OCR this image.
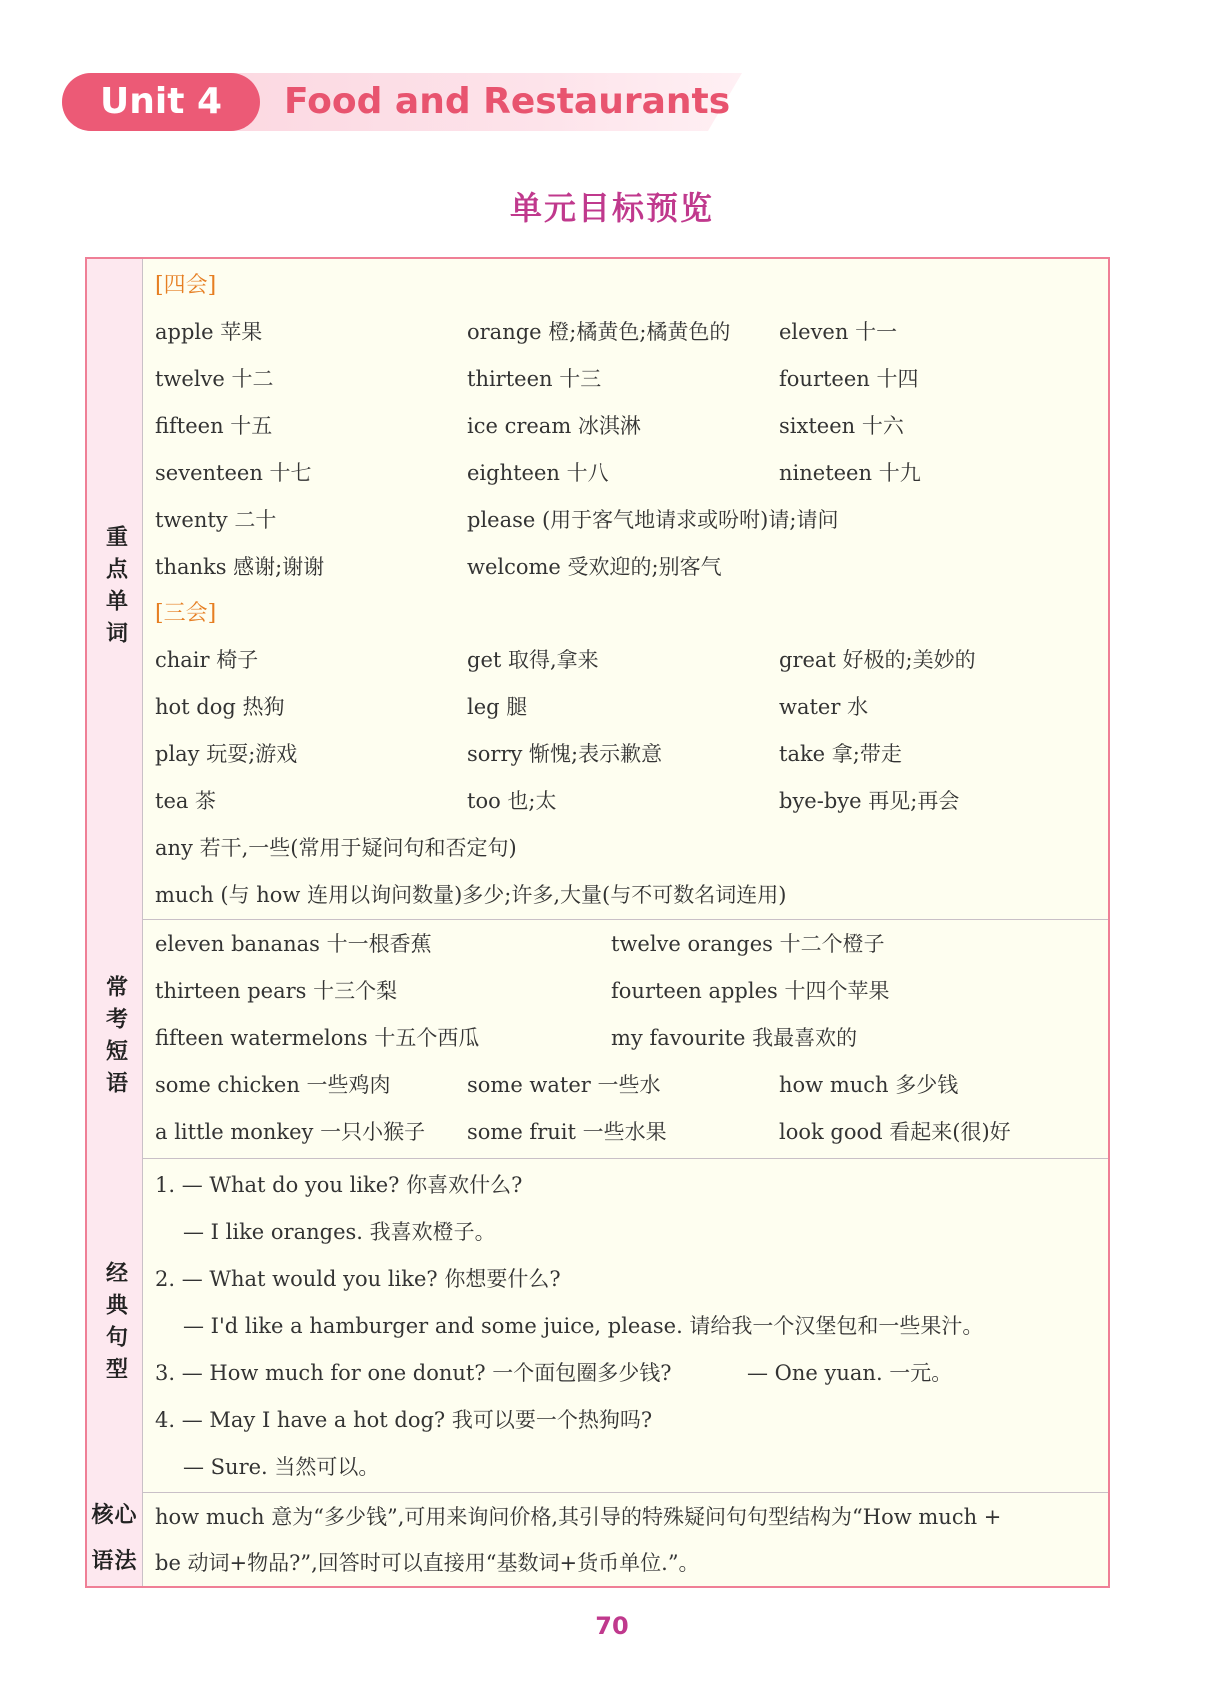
Unit 4	Food and Restaurants
单元目标预览
重点单词
[四会]
apple 苹果	orange 橙;橘黄色;橘黄色的 eleven 十一
twelve 十二	thirteen 十三	fourteen 十四
fifteen 十五	ice cream 冰淇淋	sixteen 十六
seventeen 十七	eighteen 十八	nineteen 十九
twenty 二十	please (用于客气地请求或吩咐)请;请问
thanks 感谢;谢谢	welcome 受欢迎的;别客气
[三会]
chair 椅子	get 取得,拿来	great 好极的;美妙的
hot dog 热狗	leg 腿	water 水
play 玩耍;游戏	sorry 惭愧;表示歉意	take 拿;带走
tea 茶	too 也;太	bye-bye 再见;再会
any 若干,一些(常用于疑问句和否定句)
much (与 how 连用以询问数量)多少;许多,大量(与不可数名词连用)
常考短语
eleven bananas 十一根香蕉	twelve oranges 十二个橙子
thirteen pears 十三个梨	fourteen apples 十四个苹果
fifteen watermelons 十五个西瓜	my favourite 我最喜欢的
some chicken 一些鸡肉	some water 一些水	how much 多少钱
a little monkey 一只小猴子 some fruit 一些水果	look good 看起来(很)好
经典句型
1. — What do you like? 你喜欢什么?
— I like oranges. 我喜欢橙子。
2. — What would you like? 你想要什么?
— I'd like a hamburger and some juice, please. 请给我一个汉堡包和一些果汁。
3. — How much for one donut? 一个面包圈多少钱?	— One yuan. 一元。
4. — May I have a hot dog? 我可以要一个热狗吗?
— Sure. 当然可以。
核心
语法
how much 意为“多少钱”,可用来询问价格,其引导的特殊疑问句句型结构为“How much +
be 动词+物品?”,回答时可以直接用“基数词+货币单位.”。
70
